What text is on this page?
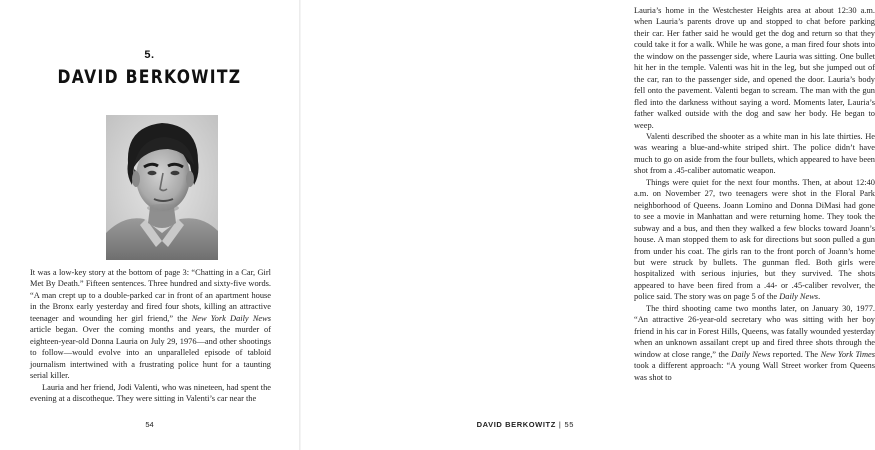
5.
DAVID BERKOWITZ

It was a low-key story at the bottom of page 3: “Chatting in a Car, Girl Met By Death.” Fifteen sentences. Three hundred and sixty-five words. “A man crept up to a double-parked car in front of an apartment house in the Bronx early yesterday and fired four shots, killing an attractive teenager and wounding her girl friend,” the New York Daily News article began. Over the coming months and years, the murder of eighteen-year-old Donna Lauria on July 29, 1976—and other shootings to follow—would evolve into an unparalleled episode of tabloid journalism intertwined with a frustrating police hunt for a taunting serial killer.

Lauria and her friend, Jodi Valenti, who was nineteen, had spent the evening at a discotheque. They were sitting in Valenti’s car near the

54

Lauria’s home in the Westchester Heights area at about 12:30 a.m. when Lauria’s parents drove up and stopped to chat before parking their car. Her father said he would get the dog and return so that they could take it for a walk. While he was gone, a man fired four shots into the window on the passenger side, where Lauria was sitting. One bullet hit her in the temple. Valenti was hit in the leg, but she jumped out of the car, ran to the passenger side, and opened the door. Lauria’s body fell onto the pavement. Valenti began to scream. The man with the gun fled into the darkness without saying a word. Moments later, Lauria’s father walked outside with the dog and saw her body. He began to weep.

Valenti described the shooter as a white man in his late thirties. He was wearing a blue-and-white striped shirt. The police didn’t have much to go on aside from the four bullets, which appeared to have been shot from a .45-caliber automatic weapon.

Things were quiet for the next four months. Then, at about 12:40 a.m. on November 27, two teenagers were shot in the Floral Park neighborhood of Queens. Joann Lomino and Donna DiMasi had gone to see a movie in Manhattan and were returning home. They took the subway and a bus, and then they walked a few blocks toward Joann’s house. A man stopped them to ask for directions but soon pulled a gun from under his coat. The girls ran to the front porch of Joann’s home but were struck by bullets. The gunman fled. Both girls were hospitalized with serious injuries, but they survived. The shots appeared to have been fired from a .44- or .45-caliber revolver, the police said. The story was on page 5 of the Daily News.

The third shooting came two months later, on January 30, 1977. “An attractive 26-year-old secretary who was sitting with her boy friend in his car in Forest Hills, Queens, was fatally wounded yesterday when an unknown assailant crept up and fired three shots through the window at close range,” the Daily News reported. The New York Times took a different approach: “A young Wall Street worker from Queens was shot to

DAVID BERKOWITZ | 55
